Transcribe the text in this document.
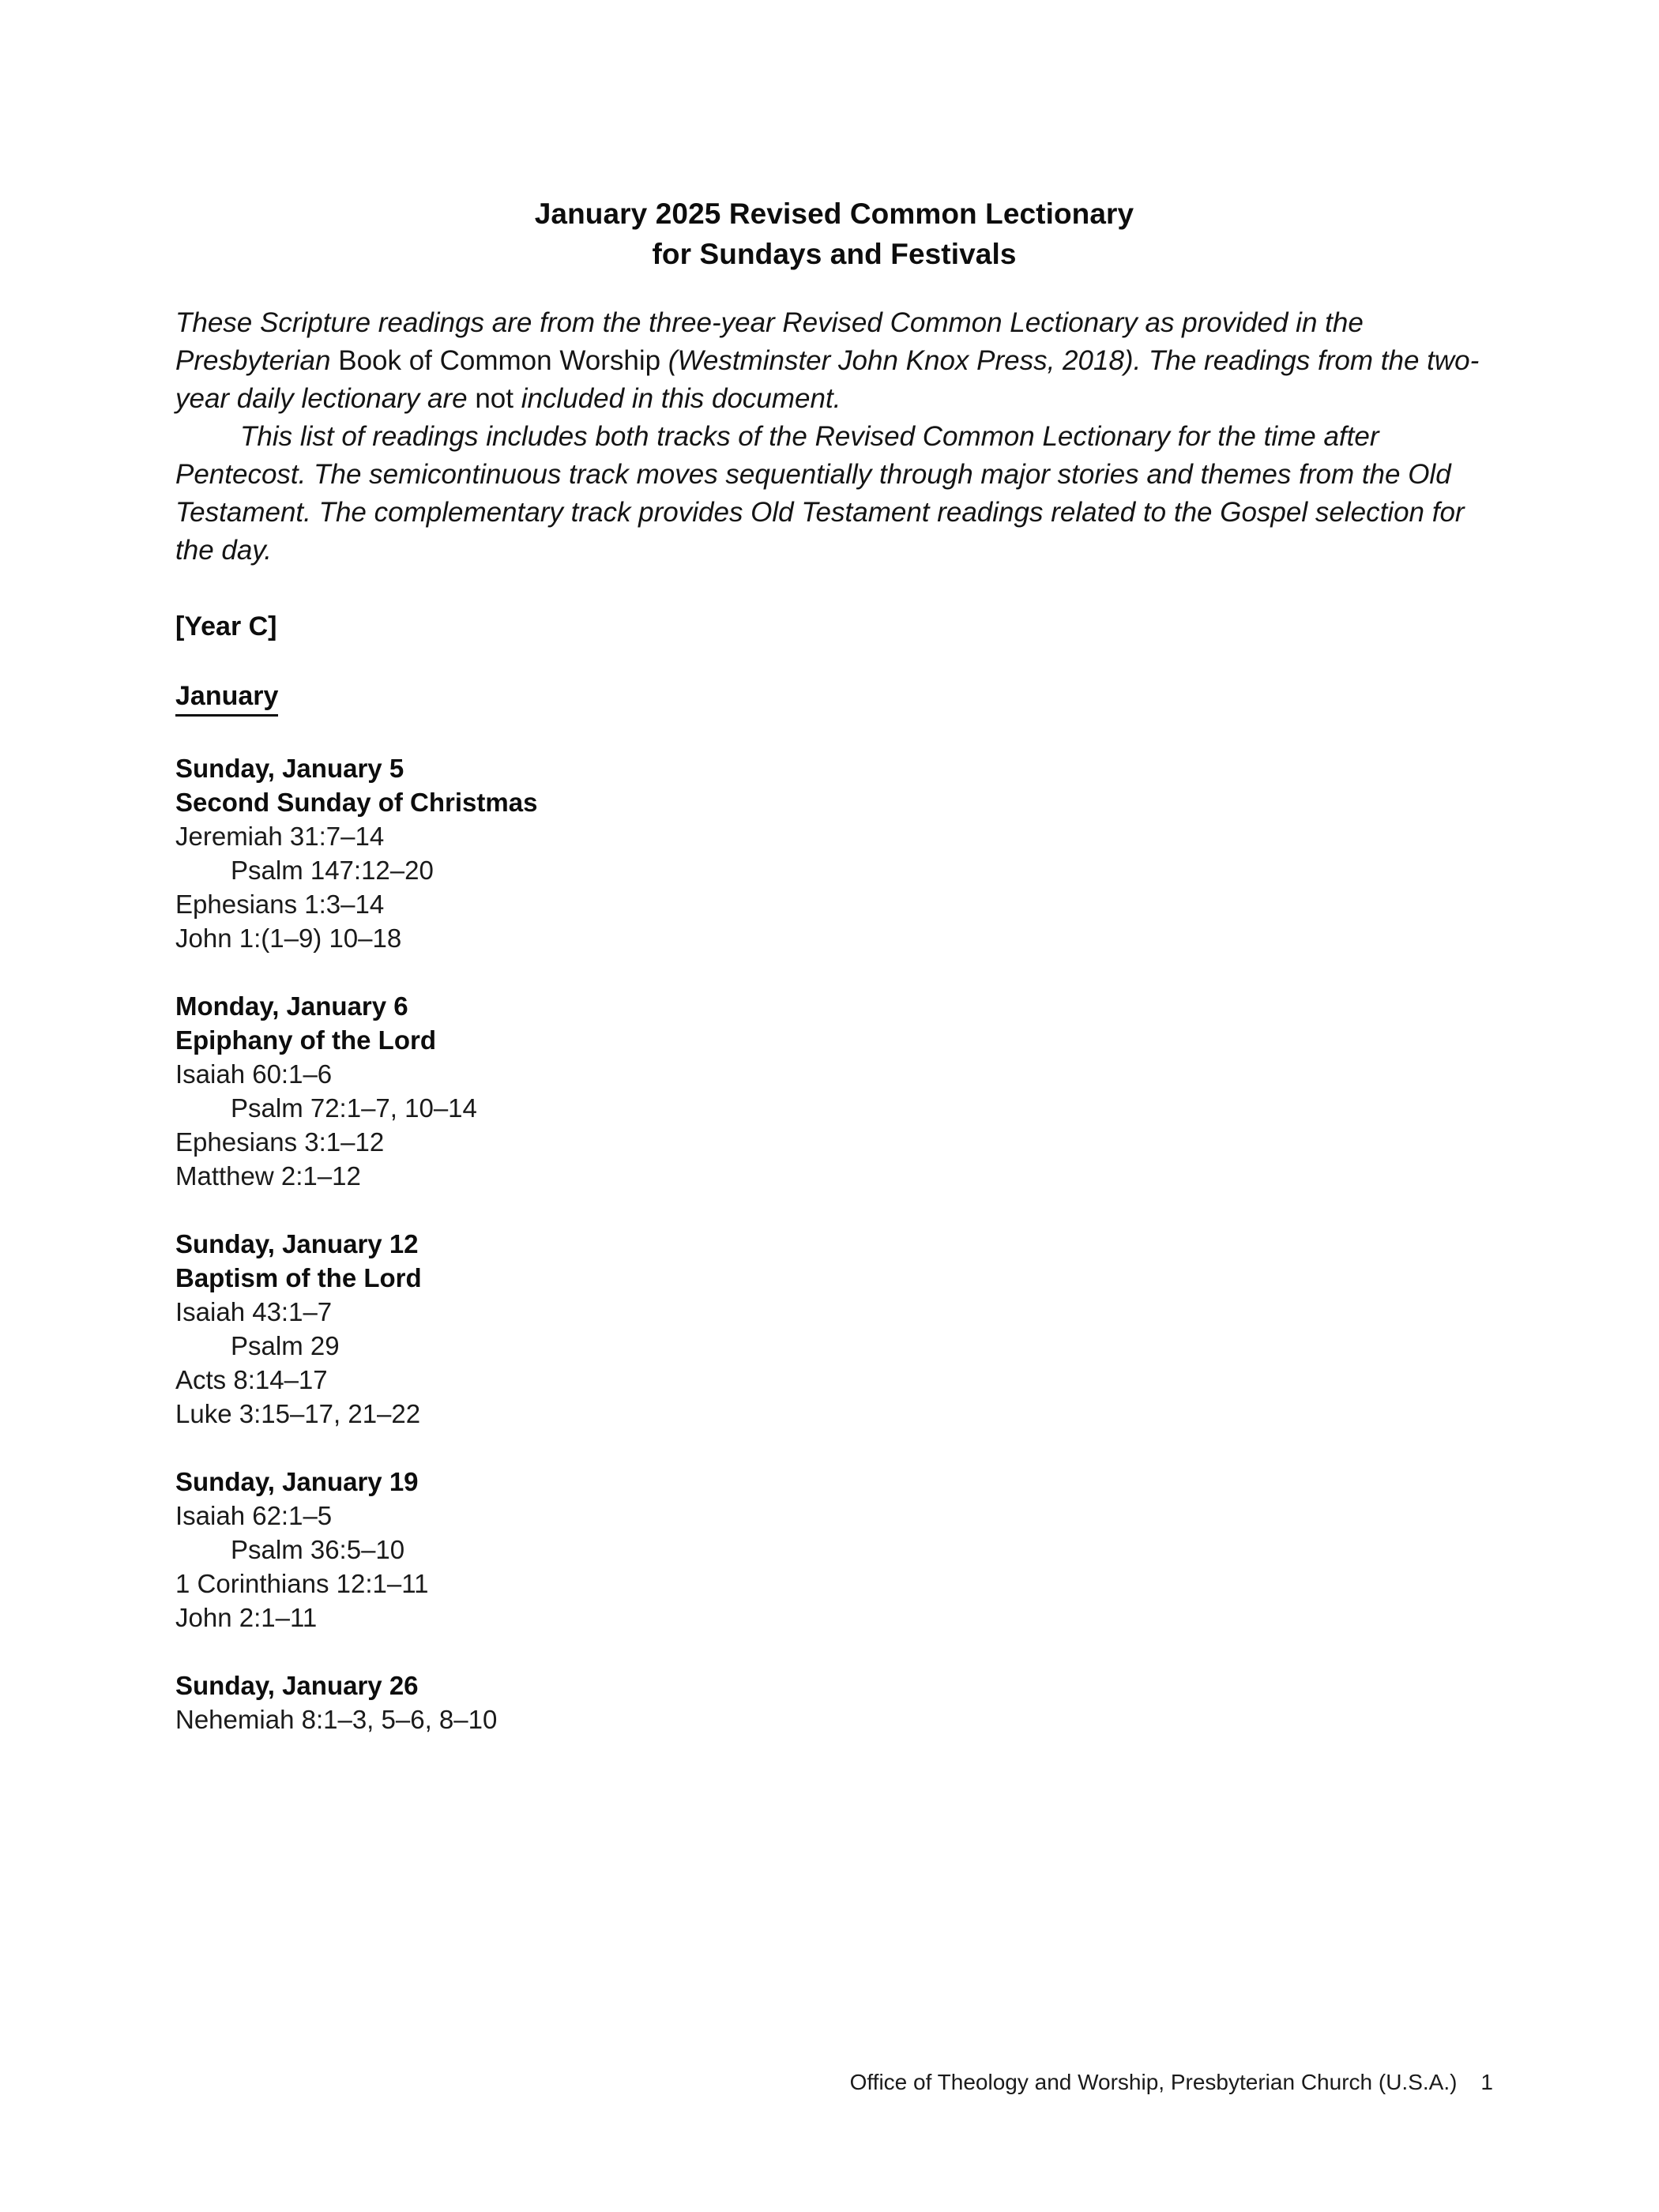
January 2025 Revised Common Lectionary
for Sundays and Festivals

These Scripture readings are from the three-year Revised Common Lectionary as provided in the Presbyterian Book of Common Worship (Westminster John Knox Press, 2018). The readings from the two-year daily lectionary are not included in this document.

This list of readings includes both tracks of the Revised Common Lectionary for the time after Pentecost. The semicontinuous track moves sequentially through major stories and themes from the Old Testament. The complementary track provides Old Testament readings related to the Gospel selection for the day.

[Year C]
January
Sunday, January 5
Second Sunday of Christmas
Jeremiah 31:7–14
Psalm 147:12–20
Ephesians 1:3–14
John 1:(1–9) 10–18
Monday, January 6
Epiphany of the Lord
Isaiah 60:1–6
Psalm 72:1–7, 10–14
Ephesians 3:1–12
Matthew 2:1–12
Sunday, January 12
Baptism of the Lord
Isaiah 43:1–7
Psalm 29
Acts 8:14–17
Luke 3:15–17, 21–22
Sunday, January 19
Isaiah 62:1–5
Psalm 36:5–10
1 Corinthians 12:1–11
John 2:1–11
Sunday, January 26
Nehemiah 8:1–3, 5–6, 8–10
Office of Theology and Worship, Presbyterian Church (U.S.A.) 1
